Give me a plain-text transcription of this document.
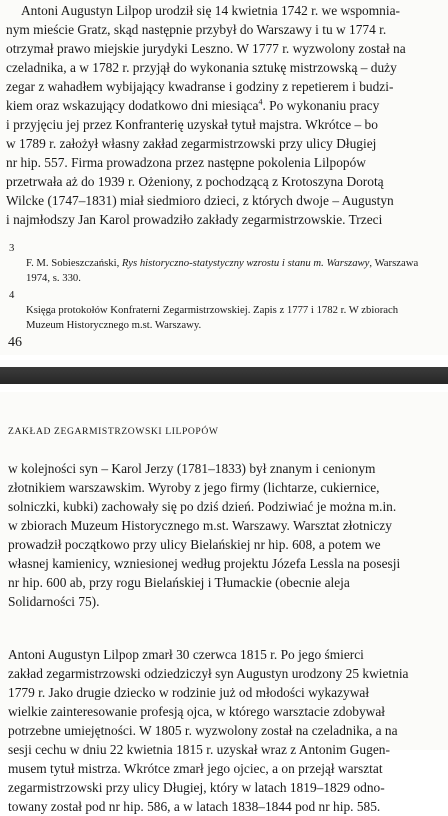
Antoni Augustyn Lilpop urodził się 14 kwietnia 1742 r. we wspomnia-
nym mieście Gratz, skąd następnie przybył do Warszawy i tu w 1774 r.
otrzymał prawo miejskie jurydyki Leszno. W 1777 r. wyzwolony został na
czeladnika, a w 1782 r. przyjął do wykonania sztukę mistrzowską – duży
zegar z wahadłem wybijający kwadranse i godziny z repetierem i budzi-
kiem oraz wskazujący dodatkowo dni miesiąca$^4$. Po wykonaniu pracy
i przyjęciu jej przez Konfranterię uzyskał tytuł majstra. Wkrótce – bo
w 1789 r. założył własny zakład zegarmistrzowski przy ulicy Długiej
nr hip. 557. Firma prowadzona przez następne pokolenia Lilpopów
przetrwała aż do 1939 r. Ożeniony, z pochodzącą z Krotoszyna Dorotą
Wilcke (1747–1831) miał siedmioro dzieci, z których dwoje – Augustyn
i najmłodszy Jan Karol prowadziło zakłady zegarmistrzowskie. Trzeci

3
F. M. Sobieszczański, Rys historyczno-statystyczny wzrostu i stanu m. Warszawy, Warszawa
1974, s. 330.

4
Księga protokołów Konfraterni Zegarmistrzowskiej. Zapis z 1777 i 1782 r. W zbiorach
Muzeum Historycznego m.st. Warszawy.

46
ZAKŁAD ZEGARMISTRZOWSKI LILPOPÓW

w kolejności syn – Karol Jerzy (1781–1833) był znanym i cenionym
złotnikiem warszawskim. Wyroby z jego firmy (lichtarze, cukiernice,
solniczki, kubki) zachowały się po dziś dzień. Podziwiać je można m.in.
w zbiorach Muzeum Historycznego m.st. Warszawy. Warsztat złotniczy
prowadził początkowo przy ulicy Bielańskiej nr hip. 608, a potem we
własnej kamienicy, wzniesionej według projektu Józefa Lessla na posesji
nr hip. 600 ab, przy rogu Bielańskiej i Tłumackie (obecnie aleja
Solidarności 75).

Antoni Augustyn Lilpop zmarł 30 czerwca 1815 r. Po jego śmierci
zakład zegarmistrzowski odziedziczył syn Augustyn urodzony 25 kwietnia
1779 r. Jako drugie dziecko w rodzinie już od młodości wykazywał
wielkie zainteresowanie profesją ojca, w którego warsztacie zdobywał
potrzebne umiejętności. W 1805 r. wyzwolony został na czeladnika, a na
sesji cechu w dniu 22 kwietnia 1815 r. uzyskał wraz z Antonim Gugen-
musem tytuł mistrza. Wkrótce zmarł jego ojciec, a on przejął warsztat
zegarmistrzowski przy ulicy Długiej, który w latach 1819–1829 odno-
towany został pod nr hip. 586, a w latach 1838–1844 pod nr hip. 585.
